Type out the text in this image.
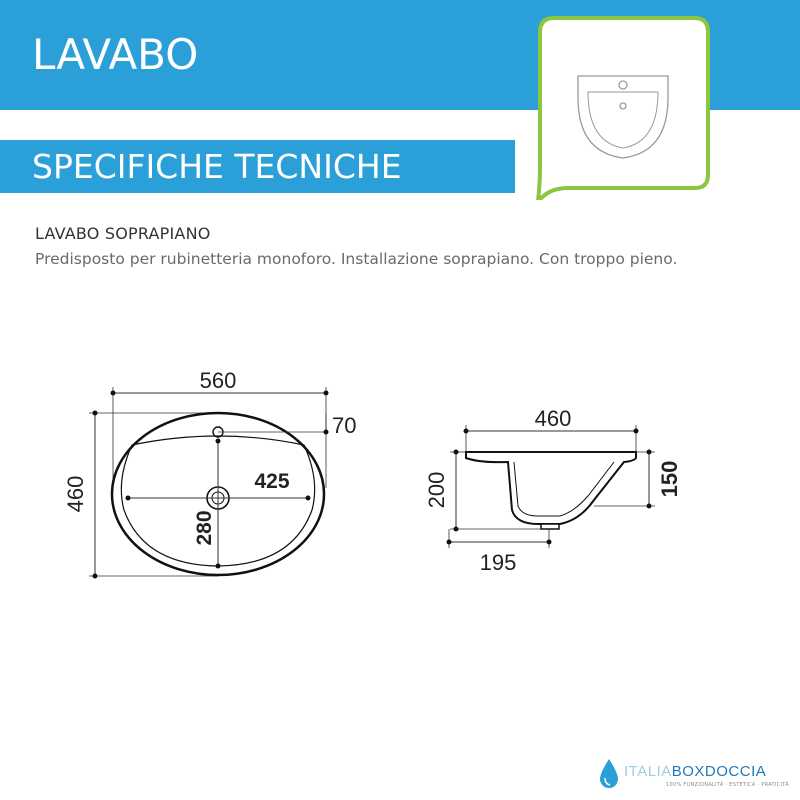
LAVABO
SPECIFICHE TECNICHE
LAVABO SOPRAPIANO
Predisposto per rubinetteria monoforo. Installazione soprapiano. Con troppo pieno.
560
460
70
425
280
460
200	150
195
ITALIABOXDOCCIA
100% FUNZIONALITÀ · ESTETICA · PRATICITÀ
